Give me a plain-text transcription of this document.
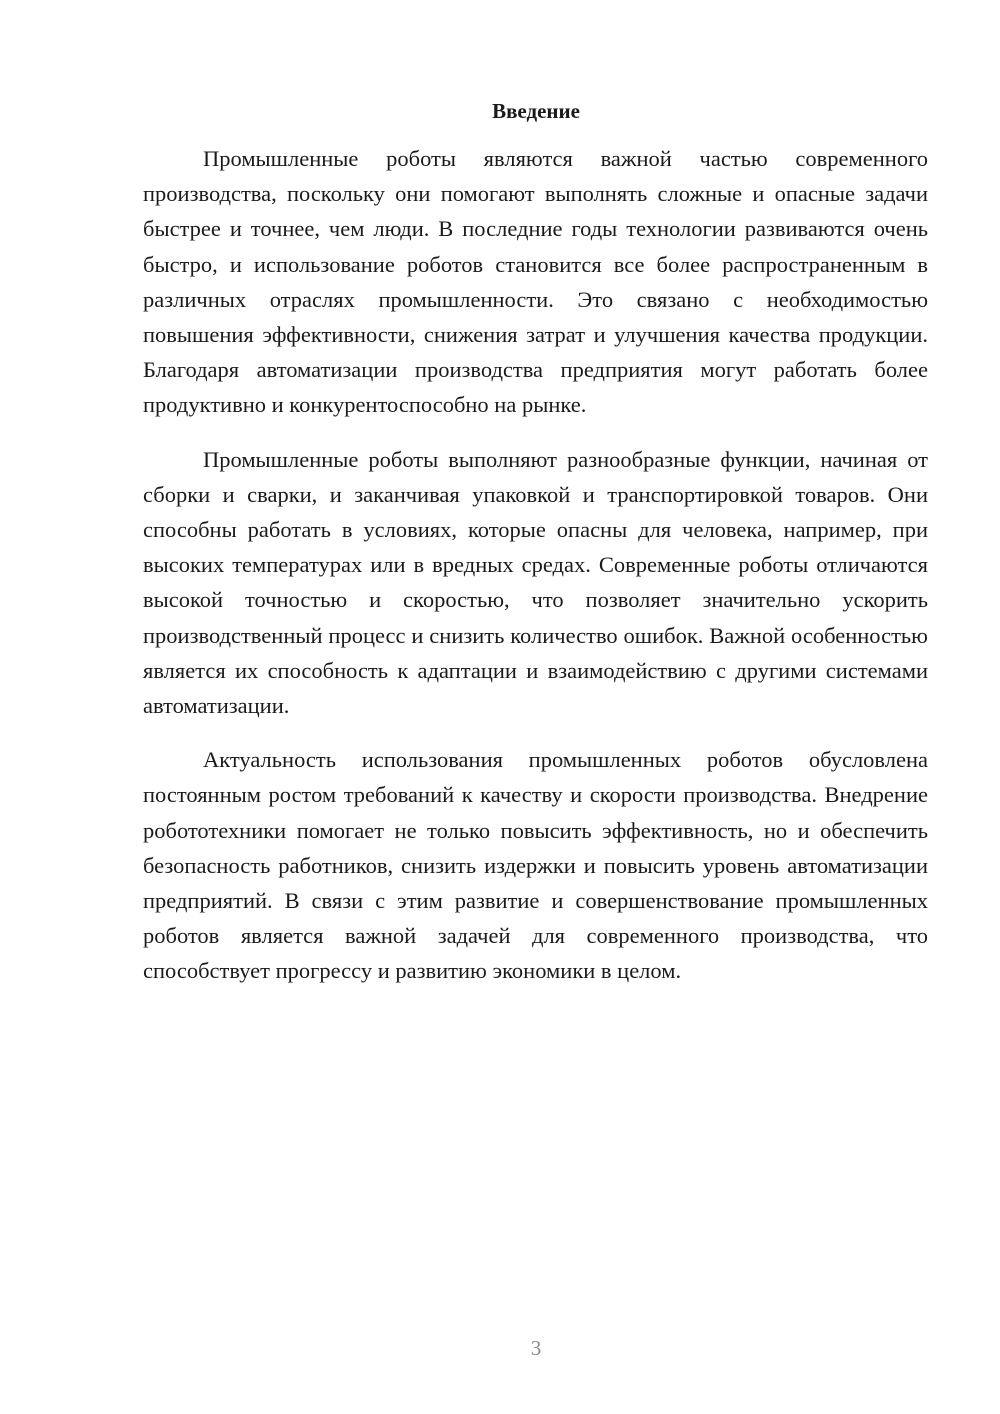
Введение

Промышленные роботы являются важной частью современного производства, поскольку они помогают выполнять сложные и опасные задачи быстрее и точнее, чем люди. В последние годы технологии развиваются очень быстро, и использование роботов становится все более распространенным в различных отраслях промышленности. Это связано с необходимостью повышения эффективности, снижения затрат и улучшения качества продукции. Благодаря автоматизации производства предприятия могут работать более продуктивно и конкурентоспособно на рынке.

Промышленные роботы выполняют разнообразные функции, начиная от сборки и сварки, и заканчивая упаковкой и транспортировкой товаров. Они способны работать в условиях, которые опасны для человека, например, при высоких температурах или в вредных средах. Современные роботы отличаются высокой точностью и скоростью, что позволяет значительно ускорить производственный процесс и снизить количество ошибок. Важной особенностью является их способность к адаптации и взаимодействию с другими системами автоматизации.

Актуальность использования промышленных роботов обусловлена постоянным ростом требований к качеству и скорости производства. Внедрение робототехники помогает не только повысить эффективность, но и обеспечить безопасность работников, снизить издержки и повысить уровень автоматизации предприятий. В связи с этим развитие и совершенствование промышленных роботов является важной задачей для современного производства, что способствует прогрессу и развитию экономики в целом.

3
